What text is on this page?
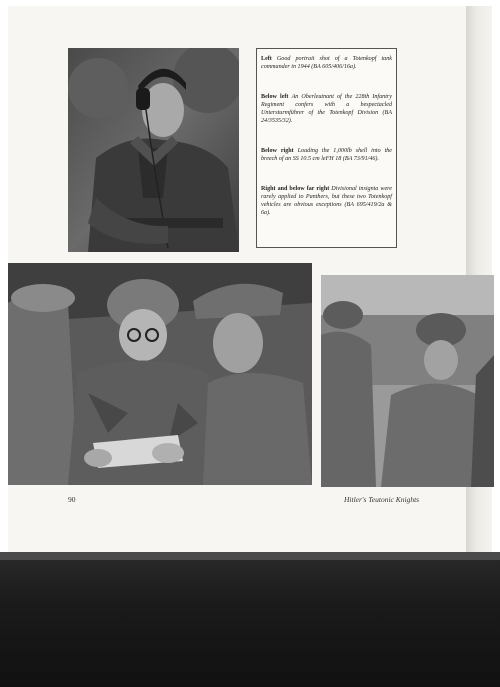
Left Good portrait shot of a Totenkopf tank commander in 1944 (BA 605/406/16a).
Below left An Oberleutnant of the 228th Infantry Regiment confers with a bespectacled Untersturmführer of the Totenkopf Division (BA 24/3535/32).
Below right Loading the 1,000lb shell into the breech of an SS 10.5 cm leFH 18 (BA 73/91/46).
Right and below far right Divisional insignia were rarely applied to Panthers, but these two Totenkopf vehicles are obvious exceptions (BA 695/419/2a & 6a).
90	Hitler's Teutonic Knights
